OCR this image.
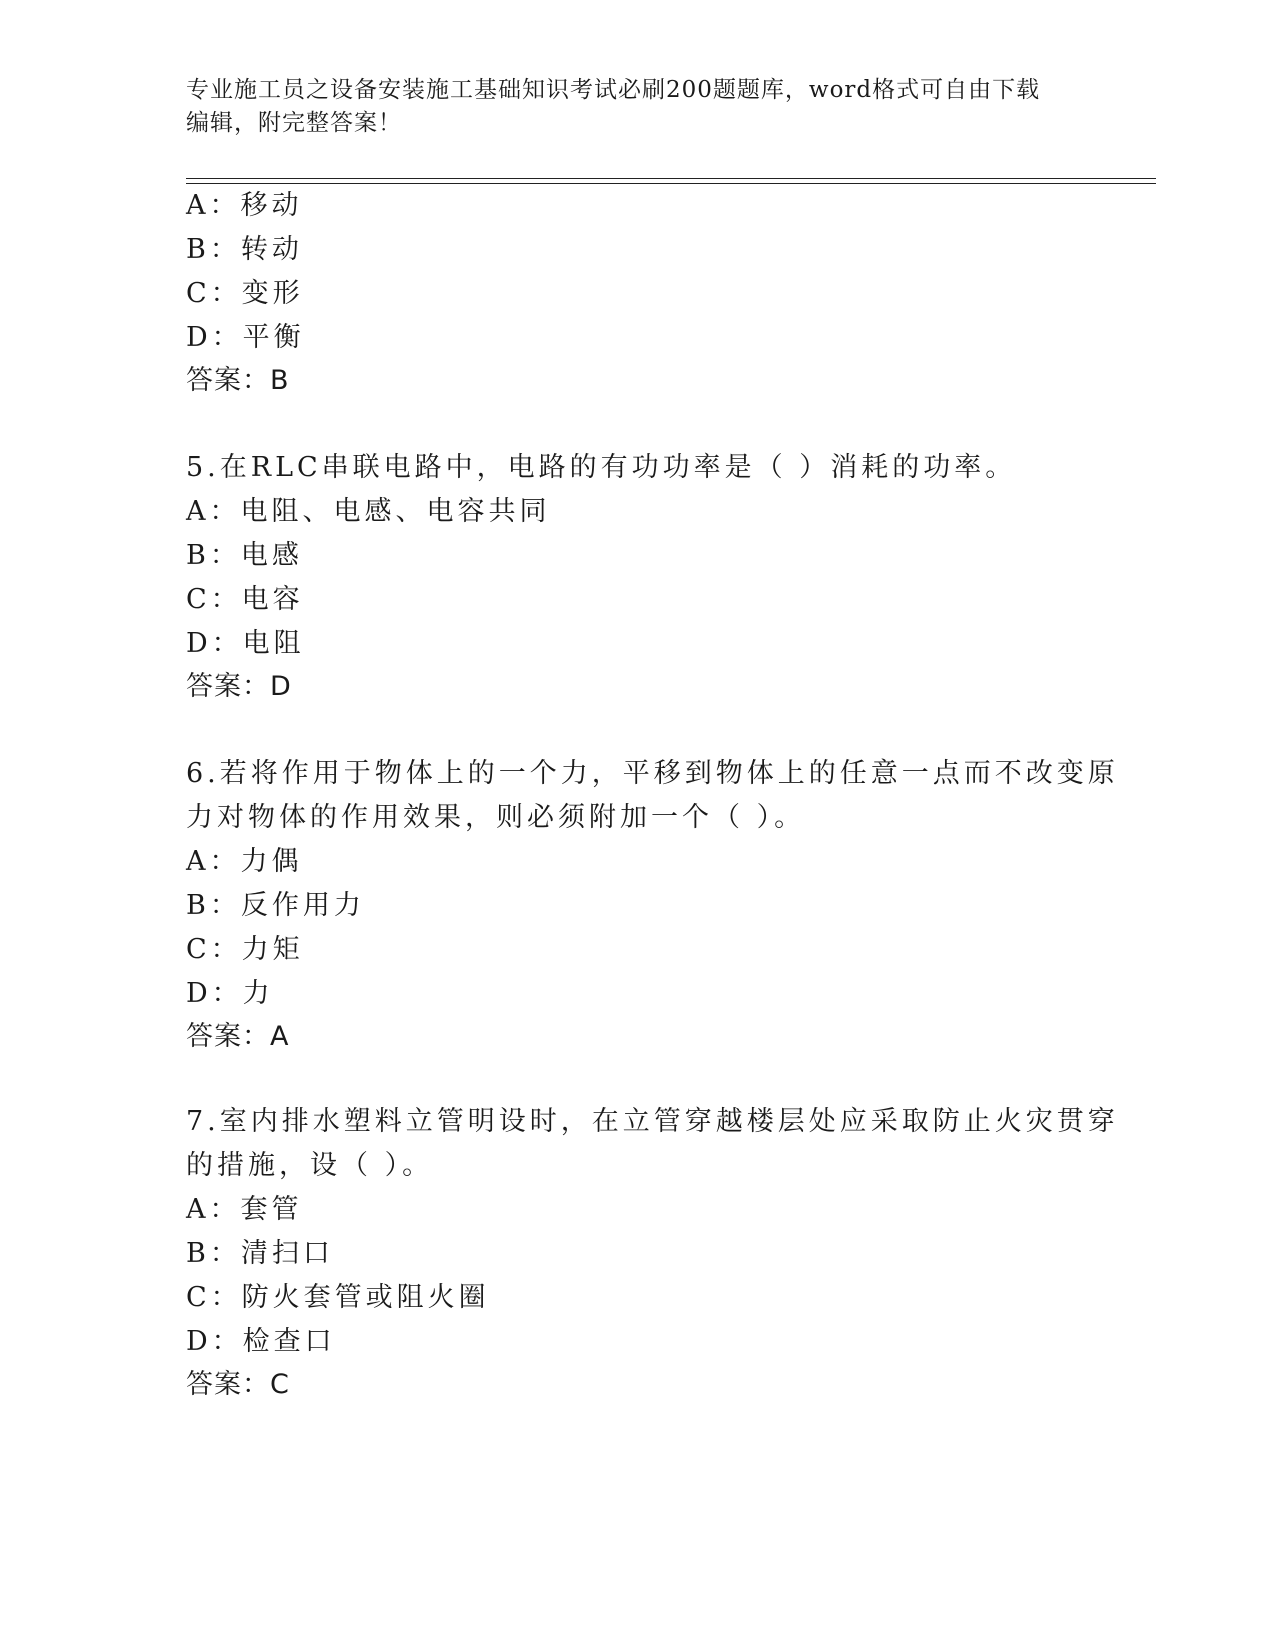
专业施工员之设备安装施工基础知识考试必刷200题题库，word格式可自由下载
编辑，附完整答案！
A：移动
B：转动
C：变形
D：平衡
答案：B
5.在RLC串联电路中，电路的有功功率是（ ）消耗的功率。
A：电阻、电感、电容共同
B：电感
C：电容
D：电阻
答案：D
6.若将作用于物体上的一个力，平移到物体上的任意一点而不改变原
力对物体的作用效果，则必须附加一个（ ）。
A：力偶
B：反作用力
C：力矩
D：力
答案：A
7.室内排水塑料立管明设时，在立管穿越楼层处应采取防止火灾贯穿
的措施，设（ ）。
A：套管
B：清扫口
C：防火套管或阻火圈
D：检查口
答案：C
